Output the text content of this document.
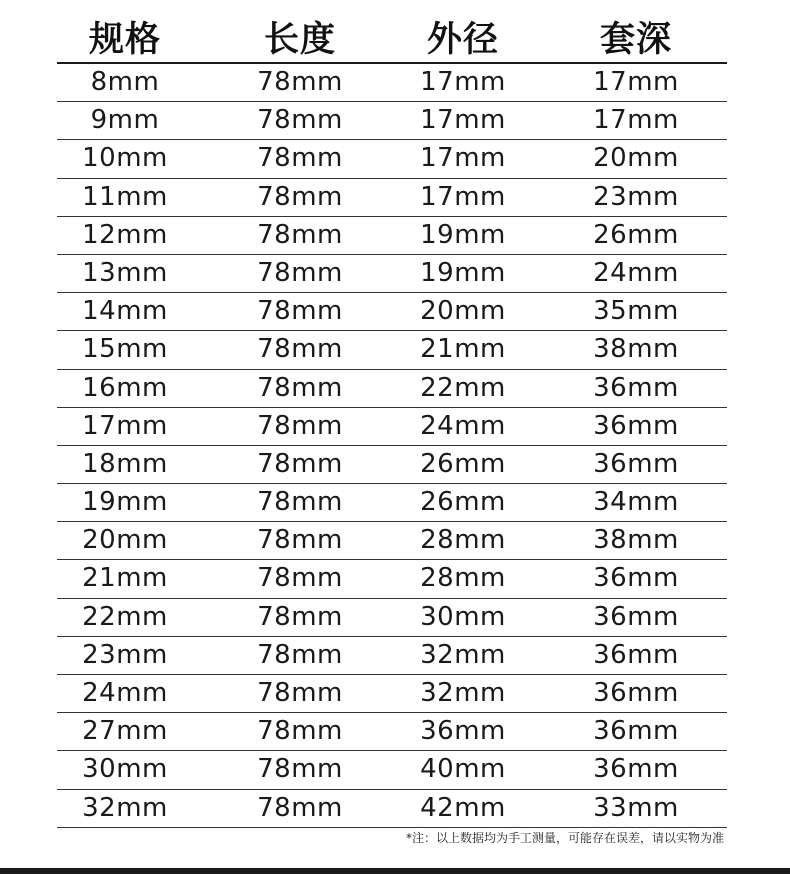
规格	长度	外径	套深
8mm	78mm	17mm	17mm
9mm	78mm	17mm	17mm
10mm	78mm	17mm	20mm
11mm	78mm	17mm	23mm
12mm	78mm	19mm	26mm
13mm	78mm	19mm	24mm
14mm	78mm	20mm	35mm
15mm	78mm	21mm	38mm
16mm	78mm	22mm	36mm
17mm	78mm	24mm	36mm
18mm	78mm	26mm	36mm
19mm	78mm	26mm	34mm
20mm	78mm	28mm	38mm
21mm	78mm	28mm	36mm
22mm	78mm	30mm	36mm
23mm	78mm	32mm	36mm
24mm	78mm	32mm	36mm
27mm	78mm	36mm	36mm
30mm	78mm	40mm	36mm
32mm	78mm	42mm	33mm
*注：以上数据均为手工测量，可能存在误差，请以实物为准
